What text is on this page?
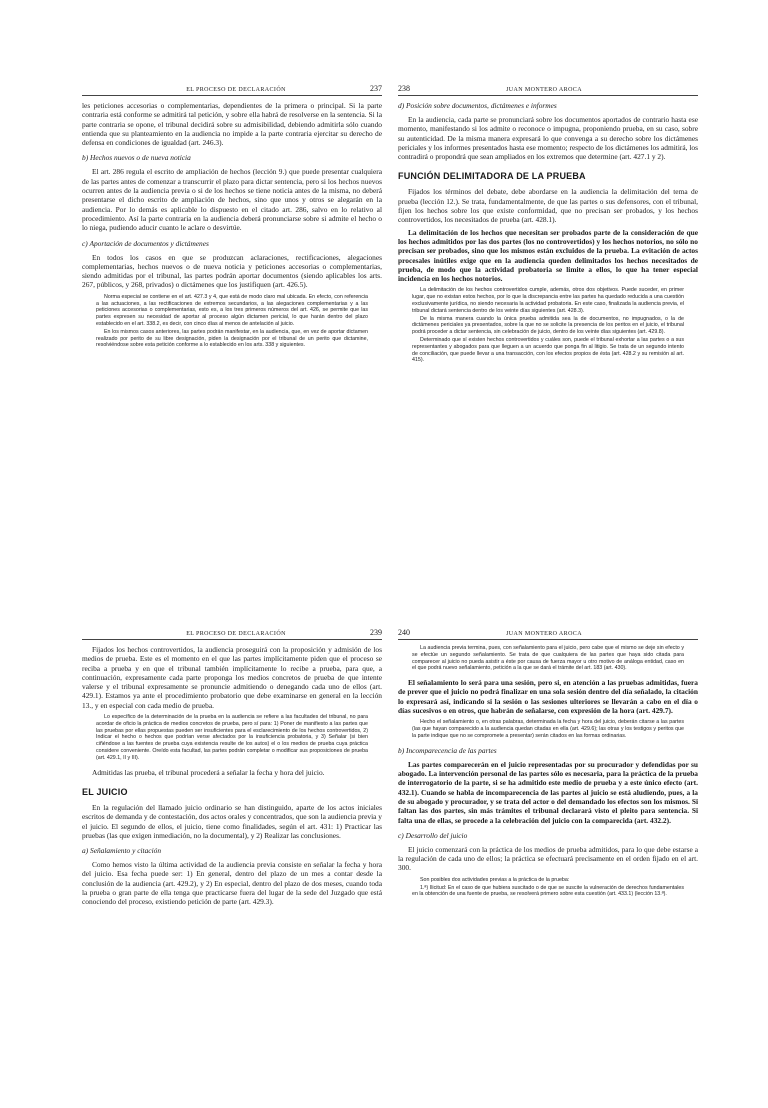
EL PROCESO DE DECLARACIÓN	237

les peticiones accesorias o complementarias, dependientes de la primera o principal. Si la parte contraria está conforme se admitirá tal petición, y sobre ella habrá de resolverse en la sentencia. Si la parte contraria se opone, el tribunal decidirá sobre su admisibilidad, debiendo admitirla sólo cuando entienda que su planteamiento en la audiencia no impide a la parte contraria ejercitar su derecho de defensa en condiciones de igualdad (art. 246.3).

b) Hechos nuevos o de nueva noticia

El art. 286 regula el escrito de ampliación de hechos (lección 9.) que puede presentar cualquiera de las partes antes de comenzar a transcurrir el plazo para dictar sentencia, pero si los hechos nuevos ocurren antes de la audiencia previa o si de los hechos se tiene noticia antes de la misma, no deberá presentarse el dicho escrito de ampliación de hechos, sino que unos y otros se alegarán en la audiencia. Por lo demás es aplicable lo dispuesto en el citado art. 286, salvo en lo relativo al procedimiento. Así la parte contraria en la audiencia deberá pronunciarse sobre si admite el hecho o lo niega, pudiendo aducir cuanto le aclare o desvirtúe.

c) Aportación de documentos y dictámenes

En todos los casos en que se produzcan aclaraciones, rectificaciones, alegaciones complementarias, hechos nuevos o de nueva noticia y peticiones accesorias o complementarias, siendo admitidas por el tribunal, las partes podrán aportar documentos (siendo aplicables los arts. 267, públicos, y 268, privados) o dictámenes que los justifiquen (art. 426.5).

Norma especial se contiene en el art. 427.3 y 4, que está de modo claro mal ubicada. En efecto, con referencia a las actuaciones, a las rectificaciones de extremos secundarios, a las alegaciones complementarias y a las peticiones accesorias o complementarias, esto es, a los tres primeros números del art. 426, se permite que las partes expresen su necesidad de aportar al proceso algún dictamen pericial, lo que harán dentro del plazo establecido en el art. 338.2, es decir, con cinco días al menos de antelación al juicio.
En los mismos casos anteriores, las partes podrán manifestar, en la audiencia, que, en vez de aportar dictamen realizado por perito de su libre designación, piden la designación por el tribunal de un perito que dictamine, resolviéndose sobre esta petición conforme a lo establecido en los arts. 338 y siguientes.
238	JUAN MONTERO AROCA
d) Posición sobre documentos, dictámenes e informes

En la audiencia, cada parte se pronunciará sobre los documentos aportados de contrario hasta ese momento, manifestando si los admite o reconoce o impugna, proponiendo prueba, en su caso, sobre su autenticidad. De la misma manera expresará lo que convenga a su derecho sobre los dictámenes periciales y los informes presentados hasta ese momento; respecto de los dictámenes los admitirá, los contradirá o propondrá que sean ampliados en los extremos que determine (art. 427.1 y 2).

FUNCIÓN DELIMITADORA DE LA PRUEBA

Fijados los términos del debate, debe abordarse en la audiencia la delimitación del tema de prueba (lección 12.). Se trata, fundamentalmente, de que las partes o sus defensores, con el tribunal, fijen los hechos sobre los que existe conformidad, que no precisan ser probados, y los hechos controvertidos, los necesitados de prueba (art. 428.1).

La delimitación de los hechos que necesitan ser probados parte de la consideración de que los hechos admitidos por las dos partes (los no controvertidos) y los hechos notorios, no sólo no precisan ser probados, sino que los mismos están excluidos de la prueba. La evitación de actos procesales inútiles exige que en la audiencia queden delimitados los hechos necesitados de prueba, de modo que la actividad probatoria se limite a ellos, lo que ha tener especial incidencia en los hechos notorios.

La delimitación de los hechos controvertidos cumple, además, otros dos objetivos. Puede suceder, en primer lugar, que no existan estos hechos, por lo que la discrepancia entre las partes ha quedado reducida a una cuestión exclusivamente jurídica, no siendo necesaria la actividad probatoria. En este caso, finalizada la audiencia previa, el tribunal dictará sentencia dentro de los veinte días siguientes (art. 428.3).
De la misma manera cuando la única prueba admitida sea la de documentos, no impugnados, o la de dictámenes periciales ya presentados, sobre la que no se solicite la presencia de los peritos en el juicio, el tribunal podrá proceder a dictar sentencia, sin celebración de juicio, dentro de los veinte días siguientes (art. 429.8).
Determinado que sí existen hechos controvertidos y cuáles son, puede el tribunal exhortar a las partes o a sus representantes y abogados para que lleguen a un acuerdo que ponga fin al litigio. Se trata de un segundo intento de conciliación, que puede llevar a una transacción, con los efectos propios de ésta (art. 428.2 y su remisión al art. 415).
EL PROCESO DE DECLARACIÓN	239

Fijados los hechos controvertidos, la audiencia proseguirá con la proposición y admisión de los medios de prueba. Este es el momento en el que las partes implícitamente piden que el proceso se reciba a prueba y en que el tribunal también implícitamente lo recibe a prueba, para que, a continuación, expresamente cada parte proponga los medios concretos de prueba de que intente valerse y el tribunal expresamente se pronuncie admitiendo o denegando cada uno de ellos (art. 429.1). Estamos ya ante el procedimiento probatorio que debe examinarse en general en la lección 13., y en especial con cada medio de prueba.

Lo específico de la determinación de la prueba en la audiencia se refiere a las facultades del tribunal, no para acordar de oficio la práctica de medios concretos de prueba, pero sí para: 1) Poner de manifiesto a las partes que las pruebas por ellas propuestas pueden ser insuficientes para el esclarecimiento de los hechos controvertidos, 2) Indicar el hecho o hechos que podrían verse afectados por la insuficiencia probatoria, y 3) Señalar (si bien ciñéndose a las fuentes de prueba cuya existencia resulte de los autos) el o los medios de prueba cuya práctica considere conveniente. Oreído esta facultad, las partes podrán completar o modificar sus proposiciones de prueba (art. 429.1, II y III).

Admitidas las prueba, el tribunal procederá a señalar la fecha y hora del juicio.

EL JUICIO

En la regulación del llamado juicio ordinario se han distinguido, aparte de los actos iniciales escritos de demanda y de contestación, dos actos orales y concentrados, que son la audiencia previa y el juicio. El segundo de ellos, el juicio, tiene como finalidades, según el art. 431: 1) Practicar las pruebas (las que exigen inmediación, no la documental), y 2) Realizar las conclusiones.

a) Señalamiento y citación

Como hemos visto la última actividad de la audiencia previa consiste en señalar la fecha y hora del juicio. Esa fecha puede ser: 1) En general, dentro del plazo de un mes a contar desde la conclusión de la audiencia (art. 429.2), y 2) En especial, dentro del plazo de dos meses, cuando toda la prueba o gran parte de ella tenga que practicarse fuera del lugar de la sede del Juzgado que está conociendo del proceso, existiendo petición de parte (art. 429.3).

240	JUAN MONTERO AROCA
La audiencia previa termina, pues, con señalamiento para el juicio, pero cabe que el mismo se deje sin efecto y se efectúe un segundo señalamiento. Se trata de que cualquiera de las partes que haya sido citada para comparecer al juicio no pueda asistir a éste por causa de fuerza mayor u otro motivo de análoga entidad, caso en el que podrá nuevo señalamiento, petición a la que se dará el trámite del art. 183 (art. 430).

El señalamiento lo será para una sesión, pero si, en atención a las pruebas admitidas, fuera de prever que el juicio no podrá finalizar en una sola sesión dentro del día señalado, la citación lo expresará así, indicando si la sesión o las sesiones ulteriores se llevarán a cabo en el día o días sucesivos o en otros, que habrán de señalarse, con expresión de la hora (art. 429.7).

Hecho el señalamiento o, en otras palabras, determinada la fecha y hora del juicio, deberán citarse a las partes (las que hayan comparecido a la audiencia quedan citadas en ella (art. 429.6); las otras y los testigos y peritos que la parte indique que no se compromete a presentar) serán citados en las formas ordinarias.
b) Incomparecencia de las partes

Las partes comparecerán en el juicio representadas por su procurador y defendidas por su abogado. La intervención personal de las partes sólo es necesaria, para la práctica de la prueba de interrogatorio de la parte, si se ha admitido este medio de prueba y a este único efecto (art. 432.1). Cuando se habla de incomparecencia de las partes al juicio se está aludiendo, pues, a la de su abogado y procurador, y se trata del actor o del demandado los efectos son los mismos. Si faltan las dos partes, sin más trámites el tribunal declarará visto el pleito para sentencia. Si falta una de ellas, se procede a la celebración del juicio con la comparecida (art. 432.2).

c) Desarrollo del juicio

El juicio comenzará con la práctica de los medios de prueba admitidos, para lo que debe estarse a la regulación de cada uno de ellos; la práctica se efectuará precisamente en el orden fijado en el art. 300.

Son posibles dos actividades previas a la práctica de la prueba:
1.ª) Ilicitud: En el caso de que hubiera suscitado o de que se suscite la vulneración de derechos fundamentales en la obtención de una fuente de prueba, se resolverá primero sobre esta cuestión (art. 433.1) (lección 13.ª).
